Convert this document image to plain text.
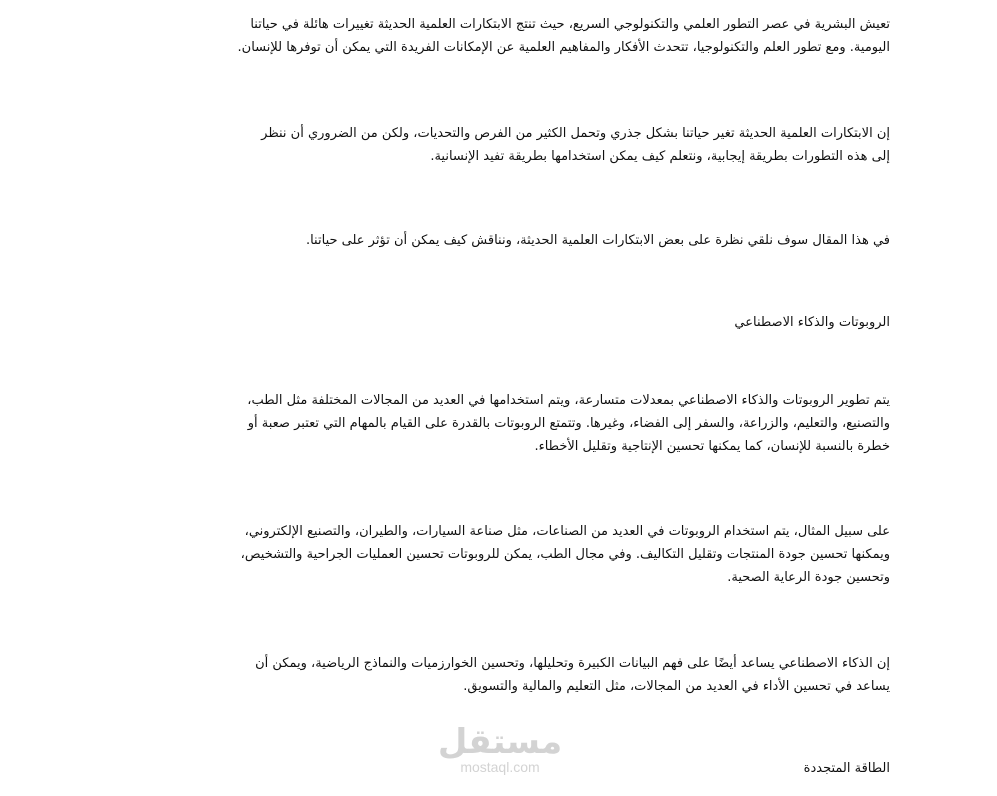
تعيش البشرية في عصر التطور العلمي والتكنولوجي السريع، حيث تنتج الابتكارات العلمية الحديثة تغييرات هائلة في حياتنا
اليومية. ومع تطور العلم والتكنولوجيا، تتحدث الأفكار والمفاهيم العلمية عن الإمكانات الفريدة التي يمكن أن توفرها للإنسان.
إن الابتكارات العلمية الحديثة تغير حياتنا بشكل جذري وتحمل الكثير من الفرص والتحديات، ولكن من الضروري أن ننظر
إلى هذه التطورات بطريقة إيجابية، ونتعلم كيف يمكن استخدامها بطريقة تفيد الإنسانية.
في هذا المقال سوف نلقي نظرة على بعض الابتكارات العلمية الحديثة، ونناقش كيف يمكن أن تؤثر على حياتنا.
الروبوتات والذكاء الاصطناعي
يتم تطوير الروبوتات والذكاء الاصطناعي بمعدلات متسارعة، ويتم استخدامها في العديد من المجالات المختلفة مثل الطب،
والتصنيع، والتعليم، والزراعة، والسفر إلى الفضاء، وغيرها. وتتمتع الروبوتات بالقدرة على القيام بالمهام التي تعتبر صعبة أو
خطرة بالنسبة للإنسان، كما يمكنها تحسين الإنتاجية وتقليل الأخطاء.
على سبيل المثال، يتم استخدام الروبوتات في العديد من الصناعات، مثل صناعة السيارات، والطيران، والتصنيع الإلكتروني،
ويمكنها تحسين جودة المنتجات وتقليل التكاليف. وفي مجال الطب، يمكن للروبوتات تحسين العمليات الجراحية والتشخيص،
وتحسين جودة الرعاية الصحية.
إن الذكاء الاصطناعي يساعد أيضًا على فهم البيانات الكبيرة وتحليلها، وتحسين الخوارزميات والنماذج الرياضية، ويمكن أن
يساعد في تحسين الأداء في العديد من المجالات، مثل التعليم والمالية والتسويق.
الطاقة المتجددة
مستقل
mostaql.com
